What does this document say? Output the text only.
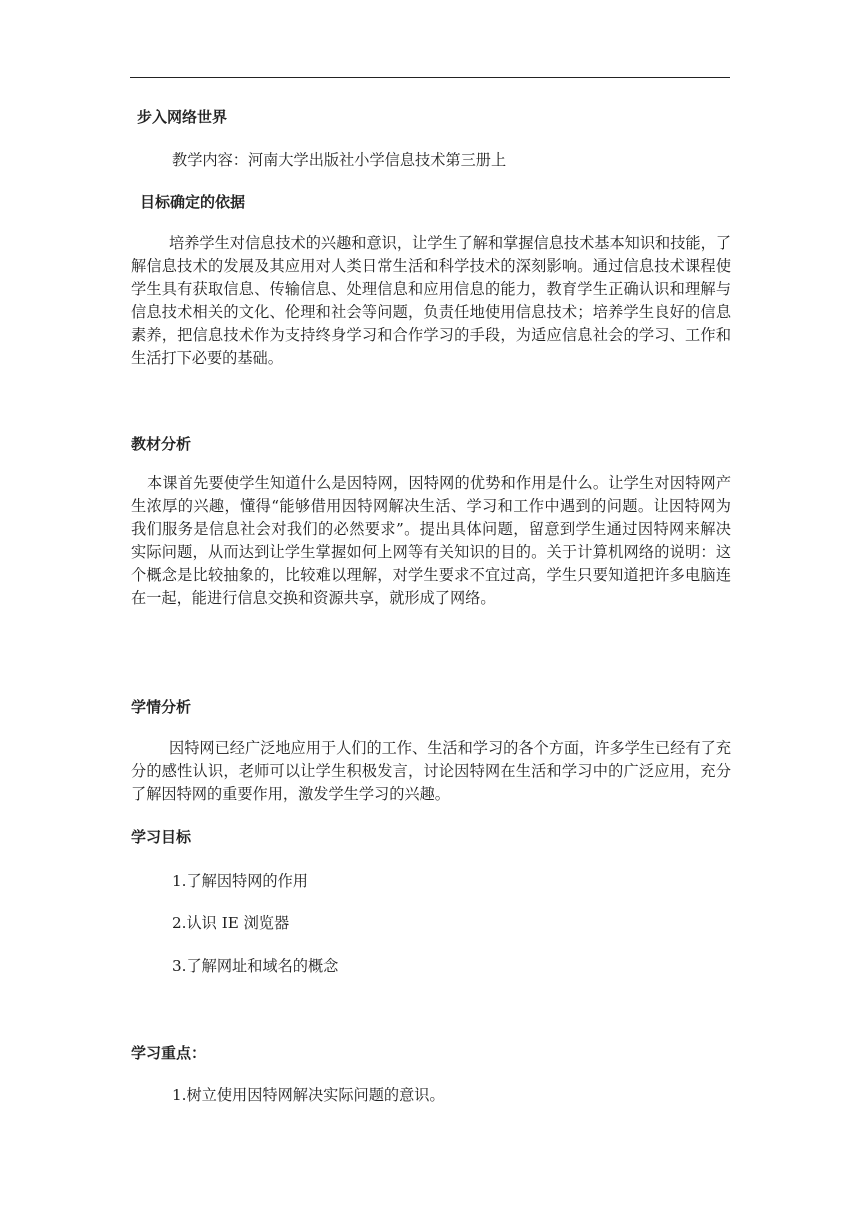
步入网络世界
教学内容：河南大学出版社小学信息技术第三册上
目标确定的依据

培养学生对信息技术的兴趣和意识，让学生了解和掌握信息技术基本知识和技能，了解信息技术的发展及其应用对人类日常生活和科学技术的深刻影响。通过信息技术课程使学生具有获取信息、传输信息、处理信息和应用信息的能力，教育学生正确认识和理解与信息技术相关的文化、伦理和社会等问题，负责任地使用信息技术；培养学生良好的信息素养，把信息技术作为支持终身学习和合作学习的手段，为适应信息社会的学习、工作和生活打下必要的基础。

教材分析

本课首先要使学生知道什么是因特网，因特网的优势和作用是什么。让学生对因特网产生浓厚的兴趣，懂得“能够借用因特网解决生活、学习和工作中遇到的问题。让因特网为我们服务是信息社会对我们的必然要求”。提出具体问题，留意到学生通过因特网来解决实际问题，从而达到让学生掌握如何上网等有关知识的目的。关于计算机网络的说明：这个概念是比较抽象的，比较难以理解，对学生要求不宜过高，学生只要知道把许多电脑连在一起，能进行信息交换和资源共享，就形成了网络。

学情分析

因特网已经广泛地应用于人们的工作、生活和学习的各个方面，许多学生已经有了充分的感性认识，老师可以让学生积极发言，讨论因特网在生活和学习中的广泛应用，充分了解因特网的重要作用，激发学生学习的兴趣。

学习目标
1.了解因特网的作用
2.认识 IE 浏览器
3.了解网址和域名的概念
学习重点：
1.树立使用因特网解决实际问题的意识。
